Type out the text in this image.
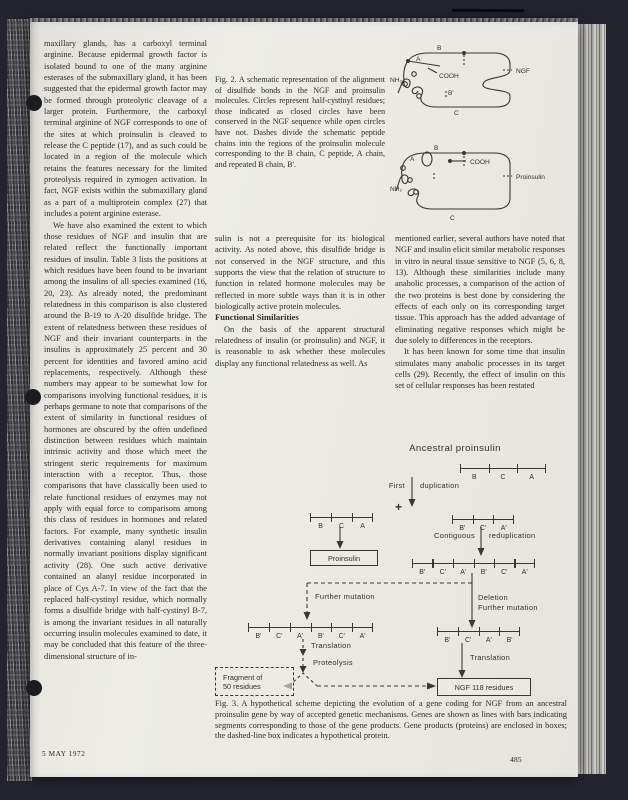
maxillary glands, has a carboxyl terminal arginine. Because epidermal growth factor is isolated bound to one of the many arginine esterases of the submaxillary gland, it has been suggested that the epidermal growth factor may be formed through proteolytic cleavage of a larger protein. Furthermore, the carboxyl terminal arginine of NGF corresponds to one of the sites at which proinsulin is cleaved to release the C peptide (17), and as such could be located in a region of the molecule which retains the features necessary for the limited proteolysis required in zymogen activation. In fact, NGF exists within the submaxillary gland as a part of a multiprotein complex (27) that includes a potent arginine esterase.

We have also examined the extent to which those residues of NGF and insulin that are related reflect the functionally important residues of insulin. Table 3 lists the positions at which residues have been found to be invariant among the insulins of all species examined (16, 20, 23). As already noted, the predominant relatedness in this comparison is also clustered around the B-19 to A-20 disulfide bridge. The extent of relatedness between these residues of NGF and their invariant counterparts in the insulins is approximately 25 percent and 30 percent for identities and favored amino acid replacements, respectively. Although these numbers may appear to be somewhat low for comparisons involving functional residues, it is perhaps germane to note that comparisons of the extent of similarity in functional residues of hormones are obscured by the often undefined distinction between residues which maintain intrinsic activity and those which meet the stringent steric requirements for maximum interaction with a receptor. Thus, those comparisons that have classically been used to relate functional residues of enzymes may not apply with equal force to comparisons among this class of residues in hormones and related factors. For example, many synthetic insulin derivatives containing alanyl residues in normally invariant positions display significant activity (28). One such active derivative contained an alanyl residue incorporated in place of Cys A-7. In view of the fact that the replaced half-cystinyl residue, which normally forms a disulfide bridge with half-cystinyl B-7, is among the invariant residues in all naturally occurring insulin molecules examined to date, it may be concluded that this feature of the three-dimensional structure of in-

Fig. 2. A schematic representation of the alignment of disulfide bonds in the NGF and proinsulin molecules. Circles represent half-cystinyl residues; those indicated as closed circles have been conserved in the NGF sequence while open circles have not. Dashes divide the schematic peptide chains into the regions of the proinsulin molecule corresponding to the B chain, C peptide, A chain, and repeated B chain, B'.

sulin is not a prerequisite for its biological activity. As noted above, this disulfide bridge is not conserved in the NGF structure, and this supports the view that the relation of structure to function in related hormone molecules may be reflected in more subtle ways than it is in other biologically active protein molecules.

Functional Similarities

On the basis of the apparent structural relatedness of insulin (or proinsulin) and NGF, it is reasonable to ask whether these molecules display any functional relatedness as well. As

mentioned earlier, several authors have noted that NGF and insulin elicit similar metabolic responses in vitro in neural tissue sensitive to NGF (5, 6, 8, 13). Although these similarities include many anabolic processes, a comparison of the action of the two proteins is best done by considering the effects of each only on its corresponding target tissue. This approach has the added advantage of eliminating negative responses which might be due solely to differences in the receptors.

It has been known for some time that insulin stimulates many anabolic processes in its target cells (29). Recently, the effect of insulin on this set of cellular responses has been restated

B
A
COOH
NH₂
B'
C
NGF
B
A	COOH
Proinsulin
NH₂
C
Ancestral proinsulin
B	C	A
First duplication
+
B	C	A	B'	C'	A'
Contiguous reduplication
Proinsulin
B'	C'	A'	B'	C'	A'
Further mutation	Deletion
Further mutation
B'	C'	A'	B'	C'	A'
B'	C'	A'	B'
Translation
Proteolysis
Translation
Fragment of
50 residues	NGF 118 residues
Fig. 3. A hypothetical scheme depicting the evolution of a gene coding for NGF from an ancestral proinsulin gene by way of accepted genetic mechanisms. Genes are shown as lines with bars indicating segments corresponding to those of the gene products. Gene products (proteins) are enclosed in boxes; the dashed-line box indicates a hypothetical protein.
5 MAY 1972
485
